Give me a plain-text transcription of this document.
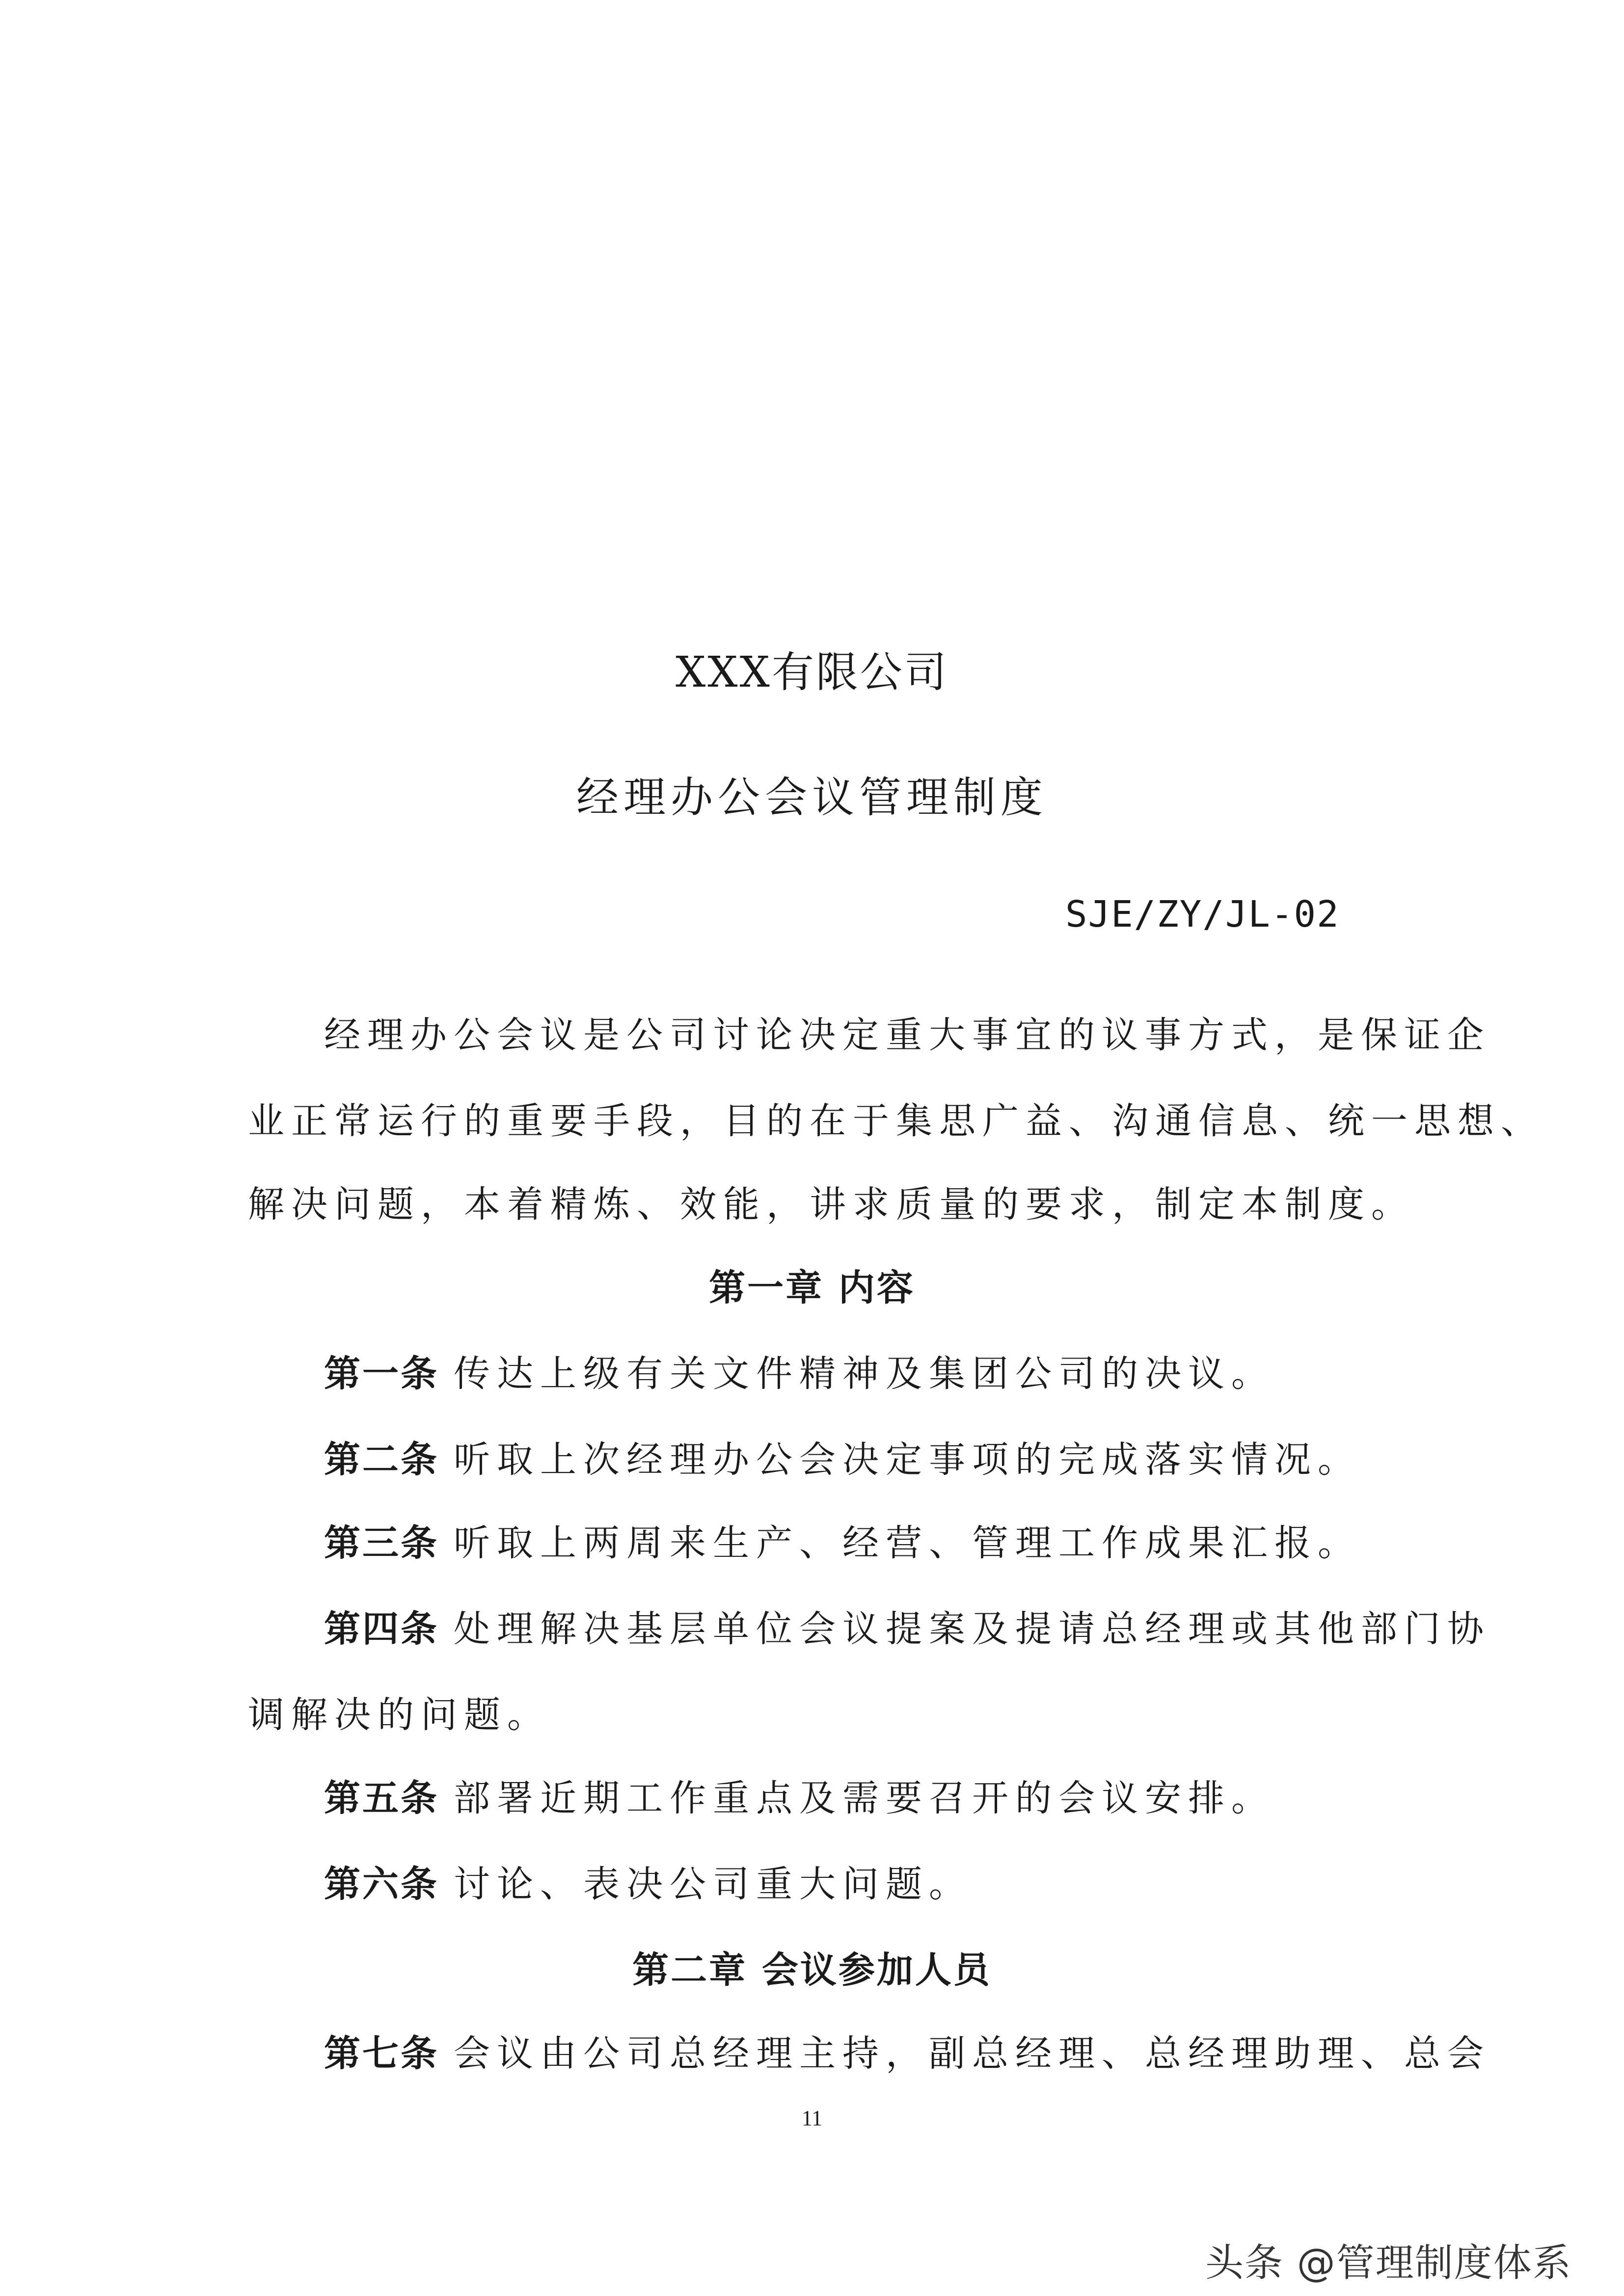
XXX有限公司
经理办公会议管理制度
SJE/ZY/JL-02
经理办公会议是公司讨论决定重大事宜的议事方式，是保证企
业正常运行的重要手段，目的在于集思广益、沟通信息、统一思想、
解决问题，本着精炼、效能，讲求质量的要求，制定本制度。
第一章 内容
第一条 传达上级有关文件精神及集团公司的决议。
第二条 听取上次经理办公会决定事项的完成落实情况。
第三条 听取上两周来生产、经营、管理工作成果汇报。
第四条 处理解决基层单位会议提案及提请总经理或其他部门协
调解决的问题。
第五条 部署近期工作重点及需要召开的会议安排。
第六条 讨论、表决公司重大问题。
第二章 会议参加人员
第七条 会议由公司总经理主持，副总经理、总经理助理、总会
11
头条 @管理制度体系
